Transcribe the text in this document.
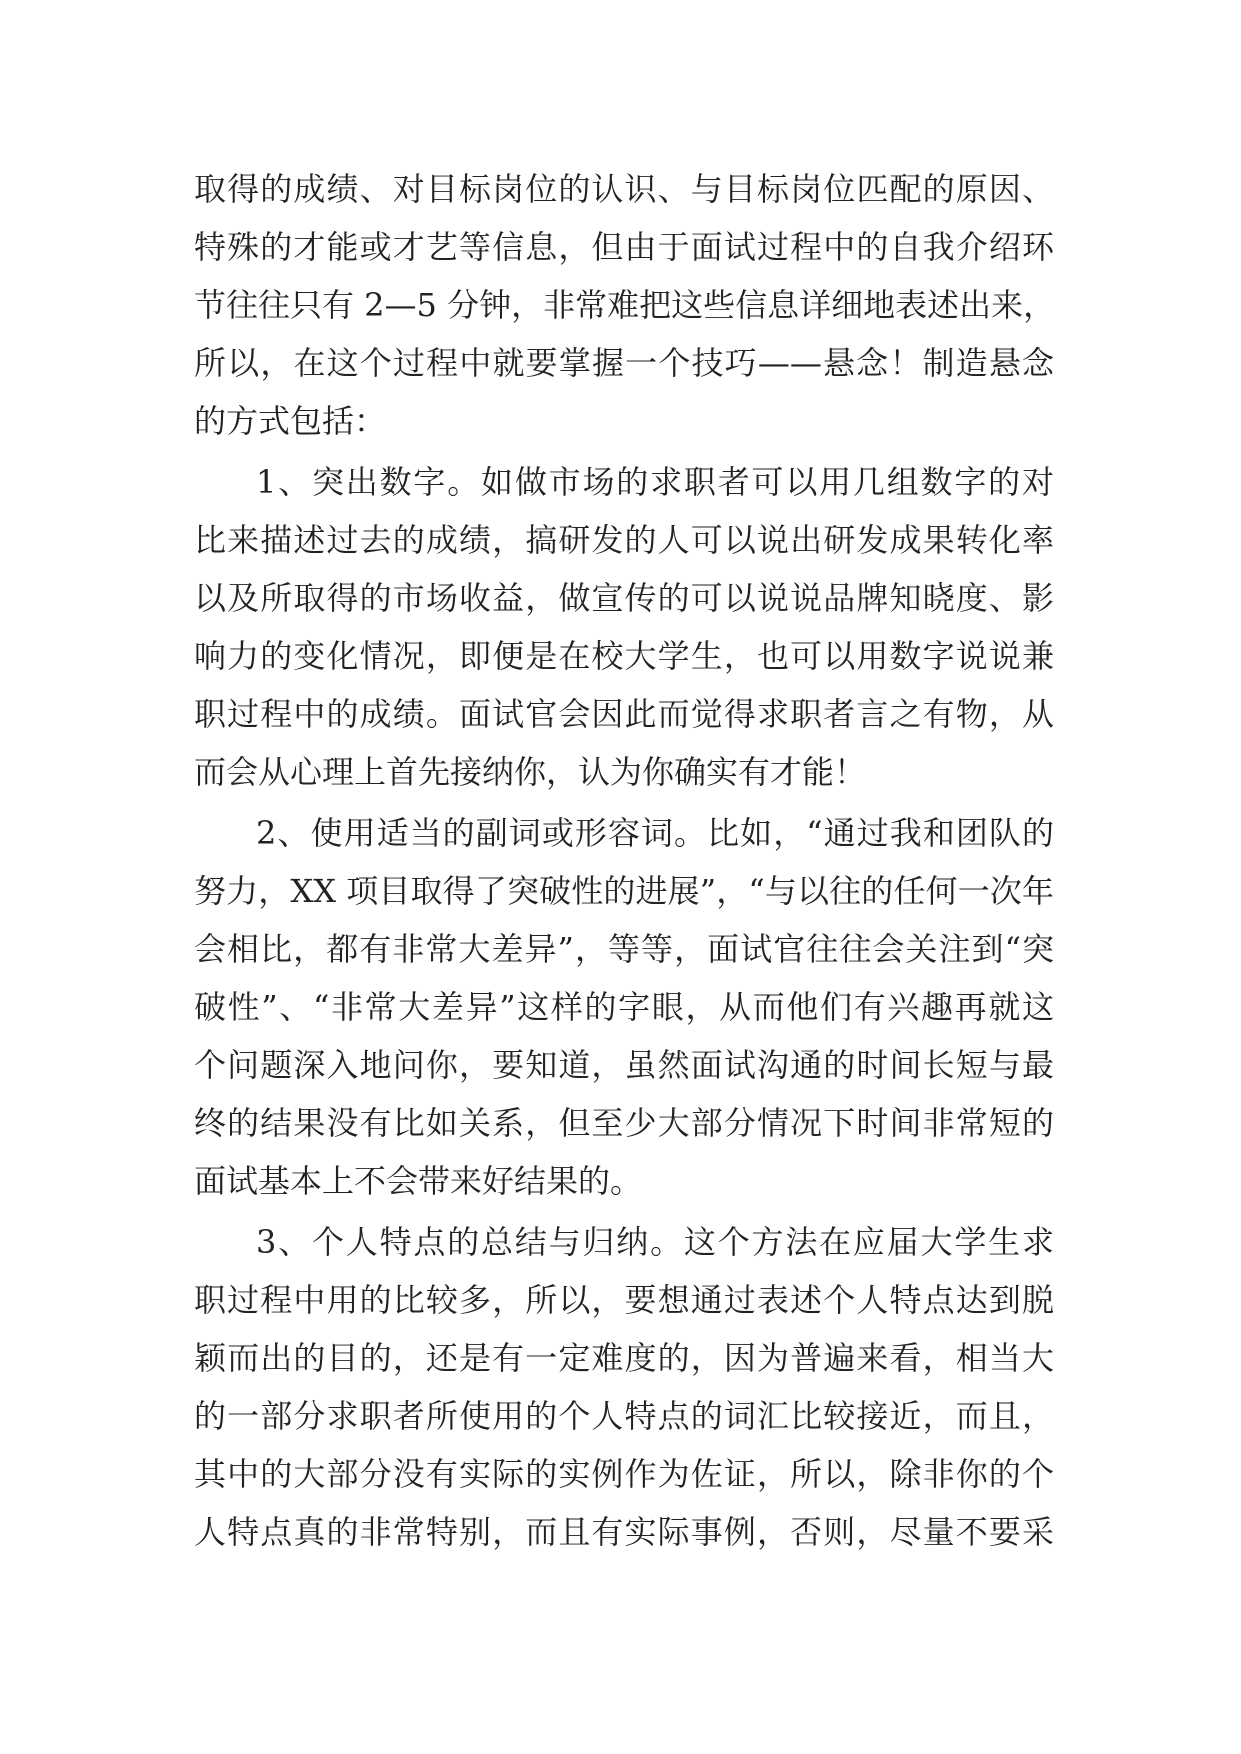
取得的成绩、对目标岗位的认识、与目标岗位匹配的原因、
特殊的才能或才艺等信息，但由于面试过程中的自我介绍环
节往往只有 2—5 分钟，非常难把这些信息详细地表述出来，
所以，在这个过程中就要掌握一个技巧——悬念！制造悬念
的方式包括：
1、突出数字。如做市场的求职者可以用几组数字的对
比来描述过去的成绩，搞研发的人可以说出研发成果转化率
以及所取得的市场收益，做宣传的可以说说品牌知晓度、影
响力的变化情况，即便是在校大学生，也可以用数字说说兼
职过程中的成绩。面试官会因此而觉得求职者言之有物，从
而会从心理上首先接纳你，认为你确实有才能！
2、使用适当的副词或形容词。比如，“通过我和团队的
努力，XX 项目取得了突破性的进展”，“与以往的任何一次年
会相比，都有非常大差异”，等等，面试官往往会关注到“突
破性”、“非常大差异”这样的字眼，从而他们有兴趣再就这
个问题深入地问你，要知道，虽然面试沟通的时间长短与最
终的结果没有比如关系，但至少大部分情况下时间非常短的
面试基本上不会带来好结果的。
3、个人特点的总结与归纳。这个方法在应届大学生求
职过程中用的比较多，所以，要想通过表述个人特点达到脱
颖而出的目的，还是有一定难度的，因为普遍来看，相当大
的一部分求职者所使用的个人特点的词汇比较接近，而且，
其中的大部分没有实际的实例作为佐证，所以，除非你的个
人特点真的非常特别，而且有实际事例，否则，尽量不要采
